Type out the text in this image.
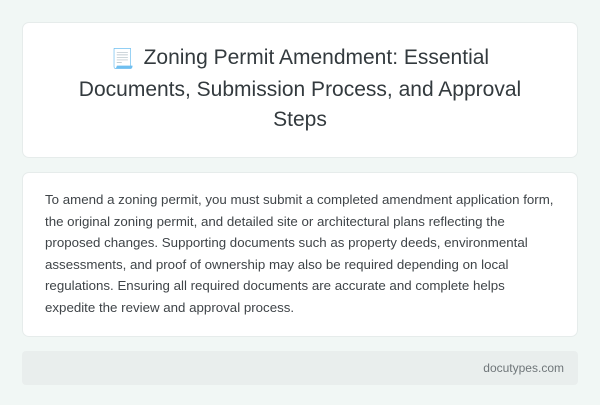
📃 Zoning Permit Amendment: Essential Documents, Submission Process, and Approval Steps

To amend a zoning permit, you must submit a completed amendment application form, the original zoning permit, and detailed site or architectural plans reflecting the proposed changes. Supporting documents such as property deeds, environmental assessments, and proof of ownership may also be required depending on local regulations. Ensuring all required documents are accurate and complete helps expedite the review and approval process.

docutypes.com
